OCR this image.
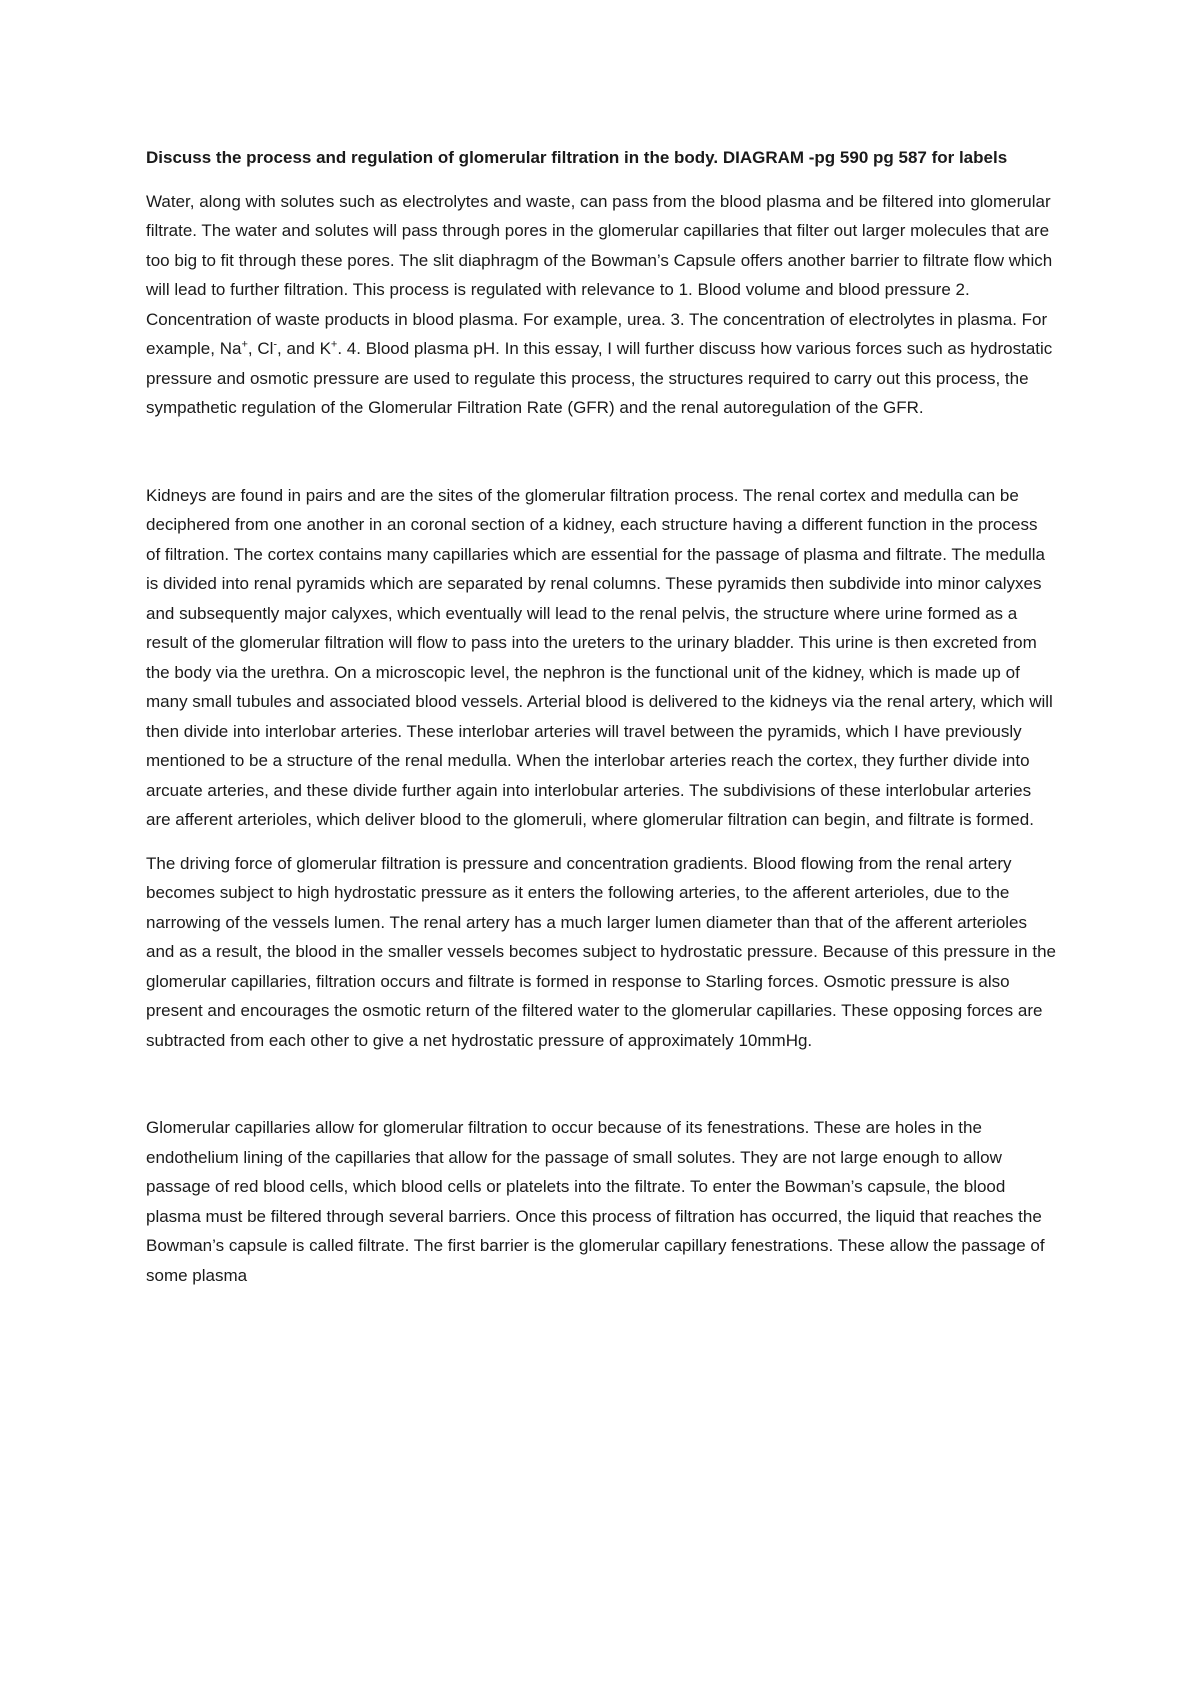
Discuss the process and regulation of glomerular filtration in the body. DIAGRAM -pg 590 pg 587 for labels

Water, along with solutes such as electrolytes and waste, can pass from the blood plasma and be filtered into glomerular filtrate. The water and solutes will pass through pores in the glomerular capillaries that filter out larger molecules that are too big to fit through these pores. The slit diaphragm of the Bowman’s Capsule offers another barrier to filtrate flow which will lead to further filtration. This process is regulated with relevance to 1. Blood volume and blood pressure 2. Concentration of waste products in blood plasma. For example, urea. 3. The concentration of electrolytes in plasma. For example, Na+, Cl-, and K+. 4. Blood plasma pH. In this essay, I will further discuss how various forces such as hydrostatic pressure and osmotic pressure are used to regulate this process, the structures required to carry out this process, the sympathetic regulation of the Glomerular Filtration Rate (GFR) and the renal autoregulation of the GFR.

Kidneys are found in pairs and are the sites of the glomerular filtration process. The renal cortex and medulla can be deciphered from one another in an coronal section of a kidney, each structure having a different function in the process of filtration. The cortex contains many capillaries which are essential for the passage of plasma and filtrate. The medulla is divided into renal pyramids which are separated by renal columns. These pyramids then subdivide into minor calyxes and subsequently major calyxes, which eventually will lead to the renal pelvis, the structure where urine formed as a result of the glomerular filtration will flow to pass into the ureters to the urinary bladder. This urine is then excreted from the body via the urethra. On a microscopic level, the nephron is the functional unit of the kidney, which is made up of many small tubules and associated blood vessels. Arterial blood is delivered to the kidneys via the renal artery, which will then divide into interlobar arteries. These interlobar arteries will travel between the pyramids, which I have previously mentioned to be a structure of the renal medulla. When the interlobar arteries reach the cortex, they further divide into arcuate arteries, and these divide further again into interlobular arteries. The subdivisions of these interlobular arteries are afferent arterioles, which deliver blood to the glomeruli, where glomerular filtration can begin, and filtrate is formed.

The driving force of glomerular filtration is pressure and concentration gradients. Blood flowing from the renal artery becomes subject to high hydrostatic pressure as it enters the following arteries, to the afferent arterioles, due to the narrowing of the vessels lumen. The renal artery has a much larger lumen diameter than that of the afferent arterioles and as a result, the blood in the smaller vessels becomes subject to hydrostatic pressure. Because of this pressure in the glomerular capillaries, filtration occurs and filtrate is formed in response to Starling forces. Osmotic pressure is also present and encourages the osmotic return of the filtered water to the glomerular capillaries. These opposing forces are subtracted from each other to give a net hydrostatic pressure of approximately 10mmHg.

Glomerular capillaries allow for glomerular filtration to occur because of its fenestrations. These are holes in the endothelium lining of the capillaries that allow for the passage of small solutes. They are not large enough to allow passage of red blood cells, which blood cells or platelets into the filtrate. To enter the Bowman’s capsule, the blood plasma must be filtered through several barriers. Once this process of filtration has occurred, the liquid that reaches the Bowman’s capsule is called filtrate. The first barrier is the glomerular capillary fenestrations. These allow the passage of some plasma
